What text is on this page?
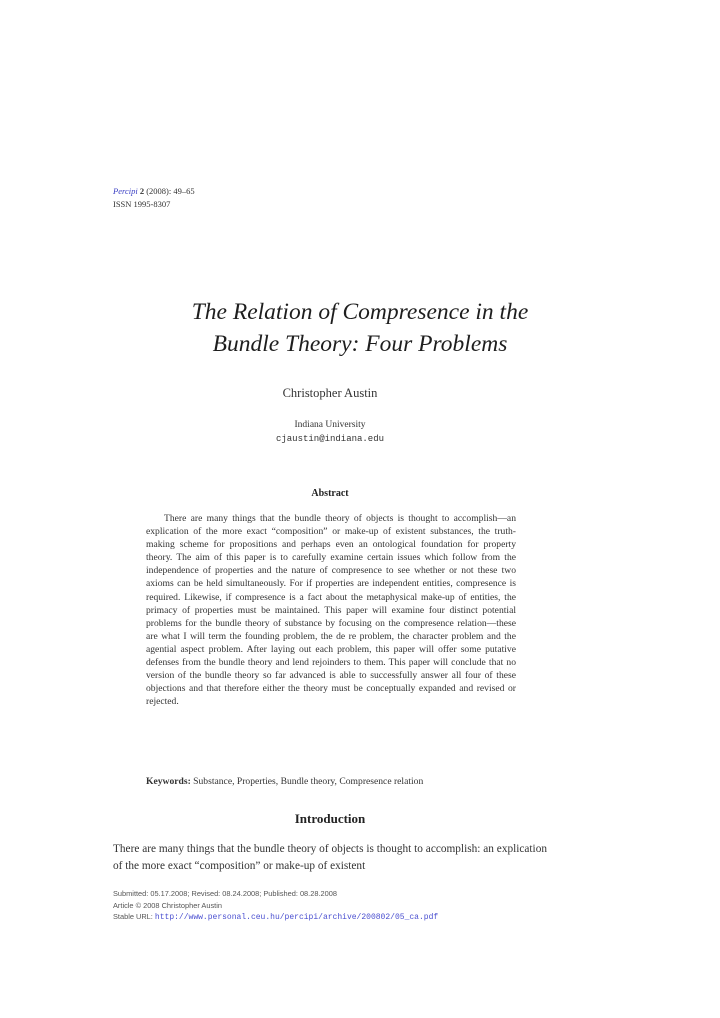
Percipi 2 (2008): 49–65
ISSN 1995-8307
The Relation of Compresence in the
Bundle Theory: Four Problems
Christopher Austin
Indiana University
cjaustin@indiana.edu
Abstract
There are many things that the bundle theory of objects is thought to accomplish—an explication of the more exact “composition” or make-up of existent substances, the truth-making scheme for propositions and perhaps even an ontological foundation for property theory. The aim of this paper is to carefully examine certain issues which follow from the independence of properties and the nature of compresence to see whether or not these two axioms can be held simultaneously. For if properties are independent entities, compresence is required. Likewise, if compresence is a fact about the metaphysical make-up of entities, the primacy of properties must be maintained. This paper will examine four distinct potential problems for the bundle theory of substance by focusing on the compresence relation—these are what I will term the founding problem, the de re problem, the character problem and the agential aspect problem. After laying out each problem, this paper will offer some putative defenses from the bundle theory and lend rejoinders to them. This paper will conclude that no version of the bundle theory so far advanced is able to successfully answer all four of these objections and that therefore either the theory must be conceptually expanded and revised or rejected.
Keywords: Substance, Properties, Bundle theory, Compresence relation
Introduction
There are many things that the bundle theory of objects is thought to accomplish: an explication of the more exact “composition” or make-up of existent
Submitted: 05.17.2008; Revised: 08.24.2008; Published: 08.28.2008
Article © 2008 Christopher Austin
Stable URL: http://www.personal.ceu.hu/percipi/archive/200802/05_ca.pdf
